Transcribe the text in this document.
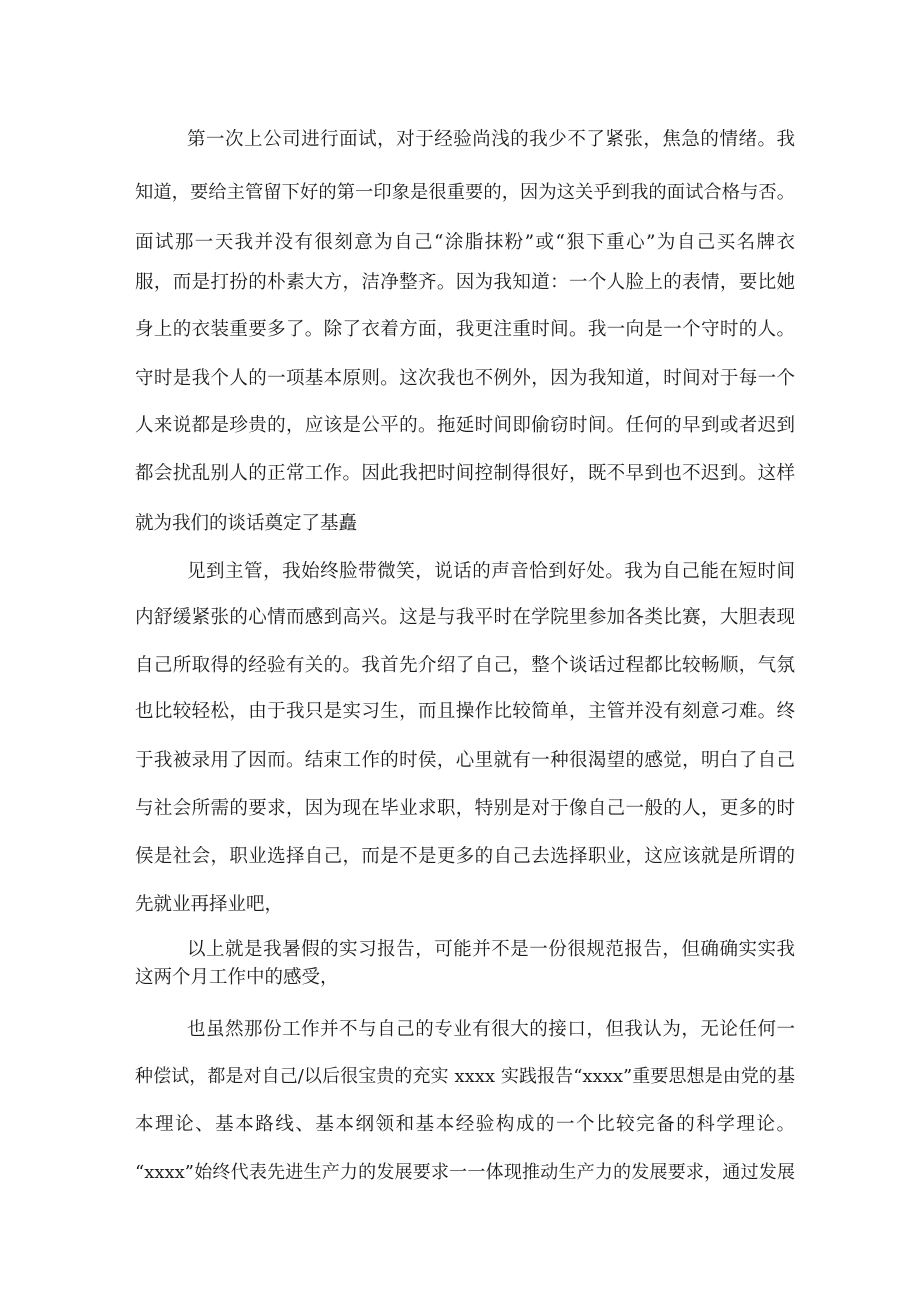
第一次上公司进行面试，对于经验尚浅的我少不了紧张，焦急的情绪。我
知道，要给主管留下好的第一印象是很重要的，因为这关乎到我的面试合格与否。
面试那一天我并没有很刻意为自己“涂脂抹粉”或“狠下重心”为自己买名牌衣
服，而是打扮的朴素大方，洁净整齐。因为我知道：一个人脸上的表情，要比她
身上的衣装重要多了。除了衣着方面，我更注重时间。我一向是一个守时的人。
守时是我个人的一项基本原则。这次我也不例外，因为我知道，时间对于每一个
人来说都是珍贵的，应该是公平的。拖延时间即偷窃时间。任何的早到或者迟到
都会扰乱别人的正常工作。因此我把时间控制得很好，既不早到也不迟到。这样
就为我们的谈话奠定了基矗
见到主管，我始终脸带微笑，说话的声音恰到好处。我为自己能在短时间
内舒缓紧张的心情而感到高兴。这是与我平时在学院里参加各类比赛，大胆表现
自己所取得的经验有关的。我首先介绍了自己，整个谈话过程都比较畅顺，气氛
也比较轻松，由于我只是实习生，而且操作比较简单，主管并没有刻意刁难。终
于我被录用了因而。结束工作的时侯，心里就有一种很渴望的感觉，明白了自己
与社会所需的要求，因为现在毕业求职，特别是对于像自己一般的人，更多的时
侯是社会，职业选择自己，而是不是更多的自己去选择职业，这应该就是所谓的
先就业再择业吧，
以上就是我暑假的实习报告，可能并不是一份很规范报告，但确确实实我
这两个月工作中的感受，
也虽然那份工作并不与自己的专业有很大的接口，但我认为，无论任何一
种偿试，都是对自己/以后很宝贵的充实 xxxx 实践报告“xxxx”重要思想是由党的基
本理论、基本路线、基本纲领和基本经验构成的一个比较完备的科学理论。
“xxxx”始终代表先进生产力的发展要求一一体现推动生产力的发展要求，通过发展
